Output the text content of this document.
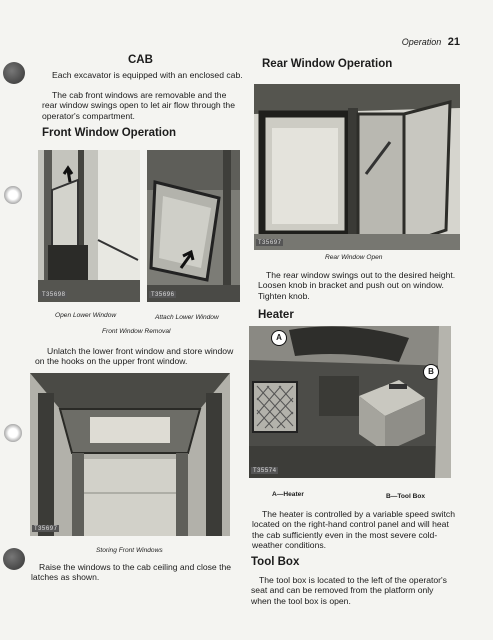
Operation 21
CAB
Each excavator is equipped with an enclosed cab.
The cab front windows are removable and the rear window swings open to let air flow through the operator's compartment.
Front Window Operation
T35698
Open Lower Window
T35696
Attach Lower Window
Front Window Removal
Unlatch the lower front window and store window on the hooks on the upper front window.
T35697
Storing Front Windows
Raise the windows to the cab ceiling and close the latches as shown.
Rear Window Operation
T35697
Rear Window Open
The rear window swings out to the desired height. Loosen knob in bracket and push out on window. Tighten knob.
Heater
A
B
T35574
A—Heater	B—Tool Box
The heater is controlled by a variable speed switch located on the right-hand control panel and will heat the cab sufficiently even in the most severe cold-weather conditions.
Tool Box
The tool box is located to the left of the operator's seat and can be removed from the platform only when the tool box is open.
